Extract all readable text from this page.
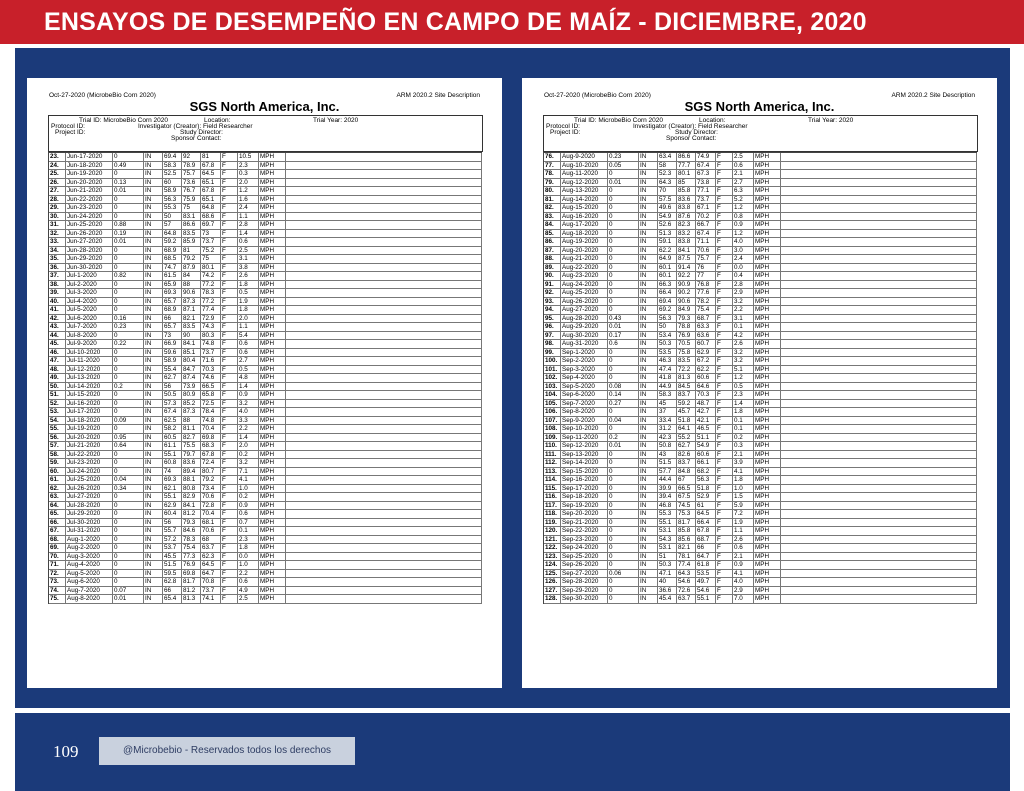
ENSAYOS DE DESEMPEÑO EN CAMPO DE MAÍZ - DICIEMBRE, 2020
Oct-27-2020 (MicrobeBio Corn 2020)	ARM 2020.2 Site Description
SGS North America, Inc.
Trial ID: MicrobeBio Corn 2020
Protocol ID:
Project ID:
Location:
Investigator (Creator): Field Researcher
Study Director:
Sponsor Contact:
Trial Year: 2020
23.	Jun-17-2020	0	IN	69.4	92	81	F	10.5	MPH
24.	Jun-18-2020	0.49	IN	58.3	78.9	67.8	F	2.3	MPH
25.	Jun-19-2020	0	IN	52.5	75.7	64.5	F	0.3	MPH
26.	Jun-20-2020	0.13	IN	60	73.6	65.1	F	2.0	MPH
27.	Jun-21-2020	0.01	IN	58.9	76.7	67.8	F	1.2	MPH
28.	Jun-22-2020	0	IN	56.3	75.9	65.1	F	1.6	MPH
29.	Jun-23-2020	0	IN	55.3	75	64.8	F	2.4	MPH
30.	Jun-24-2020	0	IN	50	83.1	68.6	F	1.1	MPH
31.	Jun-25-2020	0.88	IN	57	86.6	69.7	F	2.8	MPH
32.	Jun-26-2020	0.19	IN	64.8	83.5	73	F	1.4	MPH
33.	Jun-27-2020	0.01	IN	59.2	85.9	73.7	F	0.6	MPH
34.	Jun-28-2020	0	IN	68.9	81	75.2	F	2.5	MPH
35.	Jun-29-2020	0	IN	68.5	79.2	75	F	3.1	MPH
36.	Jun-30-2020	0	IN	74.7	87.9	80.1	F	3.8	MPH
37.	Jul-1-2020	0.82	IN	61.5	84	74.2	F	2.6	MPH
38.	Jul-2-2020	0	IN	65.9	88	77.2	F	1.8	MPH
39.	Jul-3-2020	0	IN	69.3	90.6	78.3	F	0.5	MPH
40.	Jul-4-2020	0	IN	65.7	87.3	77.2	F	1.9	MPH
41.	Jul-5-2020	0	IN	68.9	87.1	77.4	F	1.8	MPH
42.	Jul-6-2020	0.16	IN	66	82.1	72.9	F	2.0	MPH
43.	Jul-7-2020	0.23	IN	65.7	83.5	74.3	F	1.1	MPH
44.	Jul-8-2020	0	IN	73	90	80.3	F	5.4	MPH
45.	Jul-9-2020	0.22	IN	66.9	84.1	74.8	F	0.6	MPH
46.	Jul-10-2020	0	IN	59.6	85.1	73.7	F	0.6	MPH
47.	Jul-11-2020	0	IN	58.9	80.4	71.6	F	2.7	MPH
48.	Jul-12-2020	0	IN	55.4	84.7	70.3	F	0.5	MPH
49.	Jul-13-2020	0	IN	62.7	87.4	74.6	F	4.8	MPH
50.	Jul-14-2020	0.2	IN	56	73.9	66.5	F	1.4	MPH
51.	Jul-15-2020	0	IN	50.5	80.9	65.8	F	0.9	MPH
52.	Jul-16-2020	0	IN	57.3	85.2	72.5	F	3.2	MPH
53.	Jul-17-2020	0	IN	67.4	87.3	78.4	F	4.0	MPH
54.	Jul-18-2020	0.09	IN	62.5	88	74.8	F	3.3	MPH
55.	Jul-19-2020	0	IN	58.2	81.1	70.4	F	2.2	MPH
56.	Jul-20-2020	0.95	IN	60.5	82.7	69.8	F	1.4	MPH
57.	Jul-21-2020	0.64	IN	61.1	75.5	68.3	F	2.0	MPH
58.	Jul-22-2020	0	IN	55.1	79.7	67.8	F	0.2	MPH
59.	Jul-23-2020	0	IN	60.8	83.6	72.4	F	3.2	MPH
60.	Jul-24-2020	0	IN	74	89.4	80.7	F	7.1	MPH
61.	Jul-25-2020	0.04	IN	69.3	88.1	79.2	F	4.1	MPH
62.	Jul-26-2020	0.34	IN	62.1	80.8	73.4	F	1.0	MPH
63.	Jul-27-2020	0	IN	55.1	82.9	70.6	F	0.2	MPH
64.	Jul-28-2020	0	IN	62.9	84.1	72.8	F	0.9	MPH
65.	Jul-29-2020	0	IN	60.4	81.2	70.4	F	0.6	MPH
66.	Jul-30-2020	0	IN	56	79.3	68.1	F	0.7	MPH
67.	Jul-31-2020	0	IN	55.7	84.6	70.6	F	0.1	MPH
68.	Aug-1-2020	0	IN	57.2	78.3	68	F	2.3	MPH
69.	Aug-2-2020	0	IN	53.7	75.4	63.7	F	1.8	MPH
70.	Aug-3-2020	0	IN	45.5	77.3	62.3	F	0.0	MPH
71.	Aug-4-2020	0	IN	51.5	76.9	64.5	F	1.0	MPH
72.	Aug-5-2020	0	IN	59.5	69.8	64.7	F	2.2	MPH
73.	Aug-6-2020	0	IN	62.8	81.7	70.8	F	0.6	MPH
74.	Aug-7-2020	0.07	IN	66	81.2	73.7	F	4.9	MPH
75.	Aug-8-2020	0.01	IN	65.4	81.3	74.1	F	2.5	MPH
Oct-27-2020 (MicrobeBio Corn 2020)	ARM 2020.2 Site Description
SGS North America, Inc.
Trial ID: MicrobeBio Corn 2020
Protocol ID:
Project ID:
Location:
Investigator (Creator): Field Researcher
Study Director:
Sponsor Contact:
Trial Year: 2020
76.	Aug-9-2020	0.23	IN	63.4	86.6	74.9	F	2.5	MPH
77.	Aug-10-2020	0.05	IN	58	77.7	67.4	F	0.6	MPH
78.	Aug-11-2020	0	IN	52.3	80.1	67.3	F	2.1	MPH
79.	Aug-12-2020	0.01	IN	64.3	85	73.8	F	2.7	MPH
80.	Aug-13-2020	0	IN	70	85.8	77.1	F	6.3	MPH
81.	Aug-14-2020	0	IN	57.5	83.6	73.7	F	5.2	MPH
82.	Aug-15-2020	0	IN	49.6	83.8	67.1	F	1.2	MPH
83.	Aug-16-2020	0	IN	54.9	87.6	70.2	F	0.8	MPH
84.	Aug-17-2020	0	IN	52.6	82.3	66.7	F	0.9	MPH
85.	Aug-18-2020	0	IN	51.3	83.2	67.4	F	1.2	MPH
86.	Aug-19-2020	0	IN	59.1	83.8	71.1	F	4.0	MPH
87.	Aug-20-2020	0	IN	62.2	84.1	70.6	F	3.0	MPH
88.	Aug-21-2020	0	IN	64.9	87.5	75.7	F	2.4	MPH
89.	Aug-22-2020	0	IN	60.1	91.4	76	F	0.0	MPH
90.	Aug-23-2020	0	IN	60.1	92.2	77	F	0.4	MPH
91.	Aug-24-2020	0	IN	66.3	90.9	76.8	F	2.8	MPH
92.	Aug-25-2020	0	IN	66.4	90.2	77.6	F	2.9	MPH
93.	Aug-26-2020	0	IN	69.4	90.6	78.2	F	3.2	MPH
94.	Aug-27-2020	0	IN	69.2	84.9	75.4	F	2.2	MPH
95.	Aug-28-2020	0.43	IN	56.3	79.3	68.7	F	3.1	MPH
96.	Aug-29-2020	0.01	IN	50	78.8	63.3	F	0.1	MPH
97.	Aug-30-2020	0.17	IN	53.4	76.9	63.6	F	4.2	MPH
98.	Aug-31-2020	0.6	IN	50.3	70.5	60.7	F	2.6	MPH
99.	Sep-1-2020	0	IN	53.5	75.8	62.9	F	3.2	MPH
100. Sep-2-2020	0	IN	46.3	83.5	67.2	F	3.2	MPH
101. Sep-3-2020	0	IN	47.4	72.2	62.2	F	5.1	MPH
102. Sep-4-2020	0	IN	41.8	81.3	60.6	F	1.2	MPH
103. Sep-5-2020	0.08	IN	44.9	84.5	64.6	F	0.5	MPH
104. Sep-6-2020	0.14	IN	58.3	83.7	70.3	F	2.3	MPH
105. Sep-7-2020	0.27	IN	45	59.2	48.7	F	1.4	MPH
106. Sep-8-2020	0	IN	37	45.7	42.7	F	1.8	MPH
107. Sep-9-2020	0.04	IN	33.4	51.8	42.1	F	0.1	MPH
108. Sep-10-2020	0	IN	31.2	64.1	46.5	F	0.1	MPH
109. Sep-11-2020	0.2	IN	42.3	55.2	51.1	F	0.2	MPH
110. Sep-12-2020	0.01	IN	50.8	62.7	54.9	F	0.3	MPH
111. Sep-13-2020	0	IN	43	82.6	60.6	F	2.1	MPH
112. Sep-14-2020	0	IN	51.5	83.7	66.1	F	3.9	MPH
113. Sep-15-2020	0	IN	57.7	84.8	68.2	F	4.1	MPH
114. Sep-16-2020	0	IN	44.4	67	56.3	F	1.8	MPH
115. Sep-17-2020	0	IN	39.9	66.5	51.8	F	1.0	MPH
116. Sep-18-2020	0	IN	39.4	67.5	52.9	F	1.5	MPH
117. Sep-19-2020	0	IN	46.8	74.5	61	F	5.9	MPH
118. Sep-20-2020	0	IN	55.3	75.3	64.5	F	7.2	MPH
119. Sep-21-2020	0	IN	55.1	81.7	66.4	F	1.9	MPH
120. Sep-22-2020	0	IN	53.1	85.8	67.8	F	1.1	MPH
121. Sep-23-2020	0	IN	54.3	85.6	68.7	F	2.6	MPH
122. Sep-24-2020	0	IN	53.1	82.1	66	F	0.6	MPH
123. Sep-25-2020	0	IN	51	78.1	64.7	F	2.1	MPH
124. Sep-26-2020	0	IN	50.3	77.4	61.8	F	0.9	MPH
125. Sep-27-2020	0.06	IN	47.1	64.3	53.5	F	4.1	MPH
126. Sep-28-2020	0	IN	40	54.6	49.7	F	4.0	MPH
127. Sep-29-2020	0	IN	36.6	72.6	54.6	F	2.9	MPH
128. Sep-30-2020	0	IN	45.4	63.7	55.1	F	7.0	MPH
109	@Microbebio - Reservados todos los derechos
